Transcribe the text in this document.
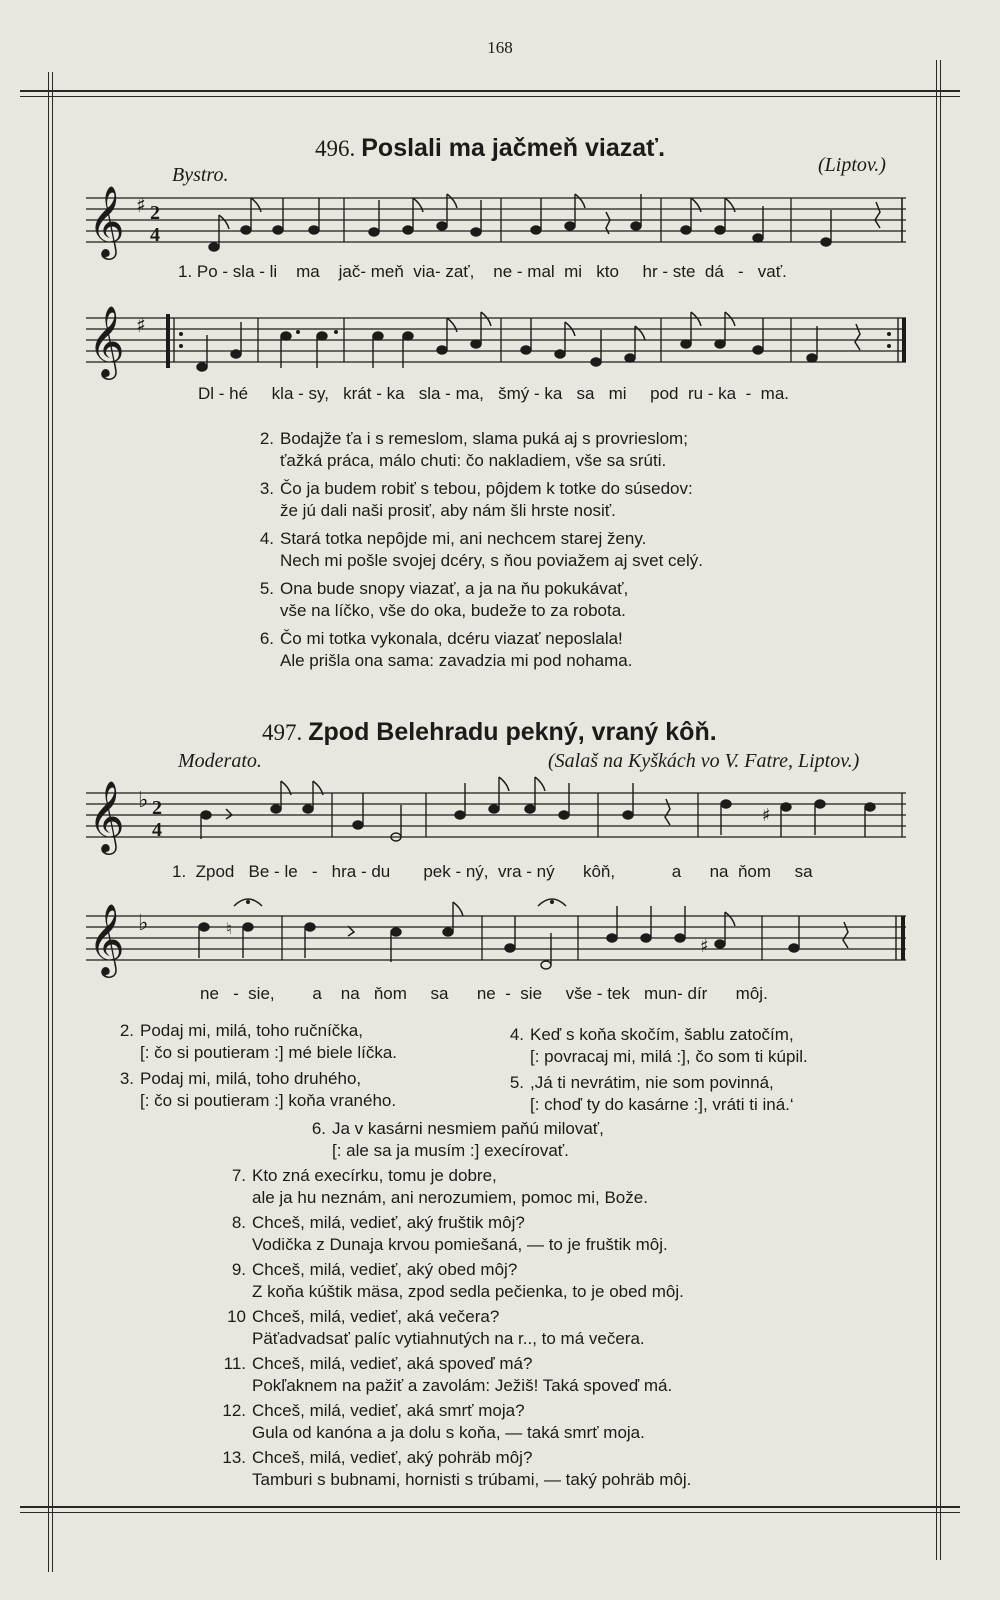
168
496. Poslali ma jačmeň viazať.
Bystro.	(Liptov.)
𝄞 ♯ 2
4
1. Po - sla - li    ma    jač- meň  via- zať,    ne - mal  mi   kto     hr - ste  dá   -   vať.
𝄞 ♯
Dl - hé     kla - sy,   krát - ka   sla - ma,   šmý - ka   sa   mi     pod  ru - ka  -  ma.
2. Bodajže ťa i s remeslom, slama puká aj s provrieslom;
ťažká práca, málo chuti: čo nakladiem, vše sa srúti.
3. Čo ja budem robiť s tebou, pôjdem k totke do súsedov:
že jú dali naši prosiť, aby nám šli hrste nosiť.
4. Stará totka nepôjde mi, ani nechcem starej ženy.
Nech mi pošle svojej dcéry, s ňou poviažem aj svet celý.
5. Ona bude snopy viazať, a ja na ňu pokukávať,
vše na líčko, vše do oka, budeže to za robota.
6. Čo mi totka vykonala, dcéru viazať neposlala!
Ale prišla ona sama: zavadzia mi pod nohama.
497. Zpod Belehradu pekný, vraný kôň.
Moderato.	(Salaš na Kyškách vo V. Fatre, Liptov.)
𝄞 ♭ 2
4
♯
1.  Zpod   Be - le   -   hra - du       pek - ný,  vra - ný      kôň,            a      na  ňom     sa
𝄞 ♭	♮
♯
ne   -  sie,        a    na   ňom     sa      ne  -  sie     vše - tek   mun- dír      môj.
2. Podaj mi, milá, toho ručníčka,
[: čo si poutieram :] mé biele líčka.
3. Podaj mi, milá, toho druhého,
[: čo si poutieram :] koňa vraného.
4. Keď s koňa skočím, šablu zatočím,
[: povracaj mi, milá :], čo som ti kúpil.
5. ,Já ti nevrátim, nie som povinná,
[: choď ty do kasárne :], vráti ti iná.‘
6. Ja v kasárni nesmiem paňú milovať,
[: ale sa ja musím :] execírovať.
7. Kto zná execírku, tomu je dobre,
ale ja hu neznám, ani nerozumiem, pomoc mi, Bože.
8. Chceš, milá, vedieť, aký fruštik môj?
Vodička z Dunaja krvou pomiešaná, — to je fruštik môj.
9. Chceš, milá, vedieť, aký obed môj?
Z koňa kúštik mäsa, zpod sedla pečienka, to je obed môj.
10 Chceš, milá, vedieť, aká večera?
Päťadvadsať palíc vytiahnutých na r.., to má večera.
11. Chceš, milá, vedieť, aká spoveď má?
Pokľaknem na pažiť a zavolám: Ježiš! Taká spoveď má.
12. Chceš, milá, vedieť, aká smrť moja?
Gula od kanóna a ja dolu s koňa, — taká smrť moja.
13. Chceš, milá, vedieť, aký pohräb môj?
Tamburi s bubnami, hornisti s trúbami, — taký pohräb môj.
